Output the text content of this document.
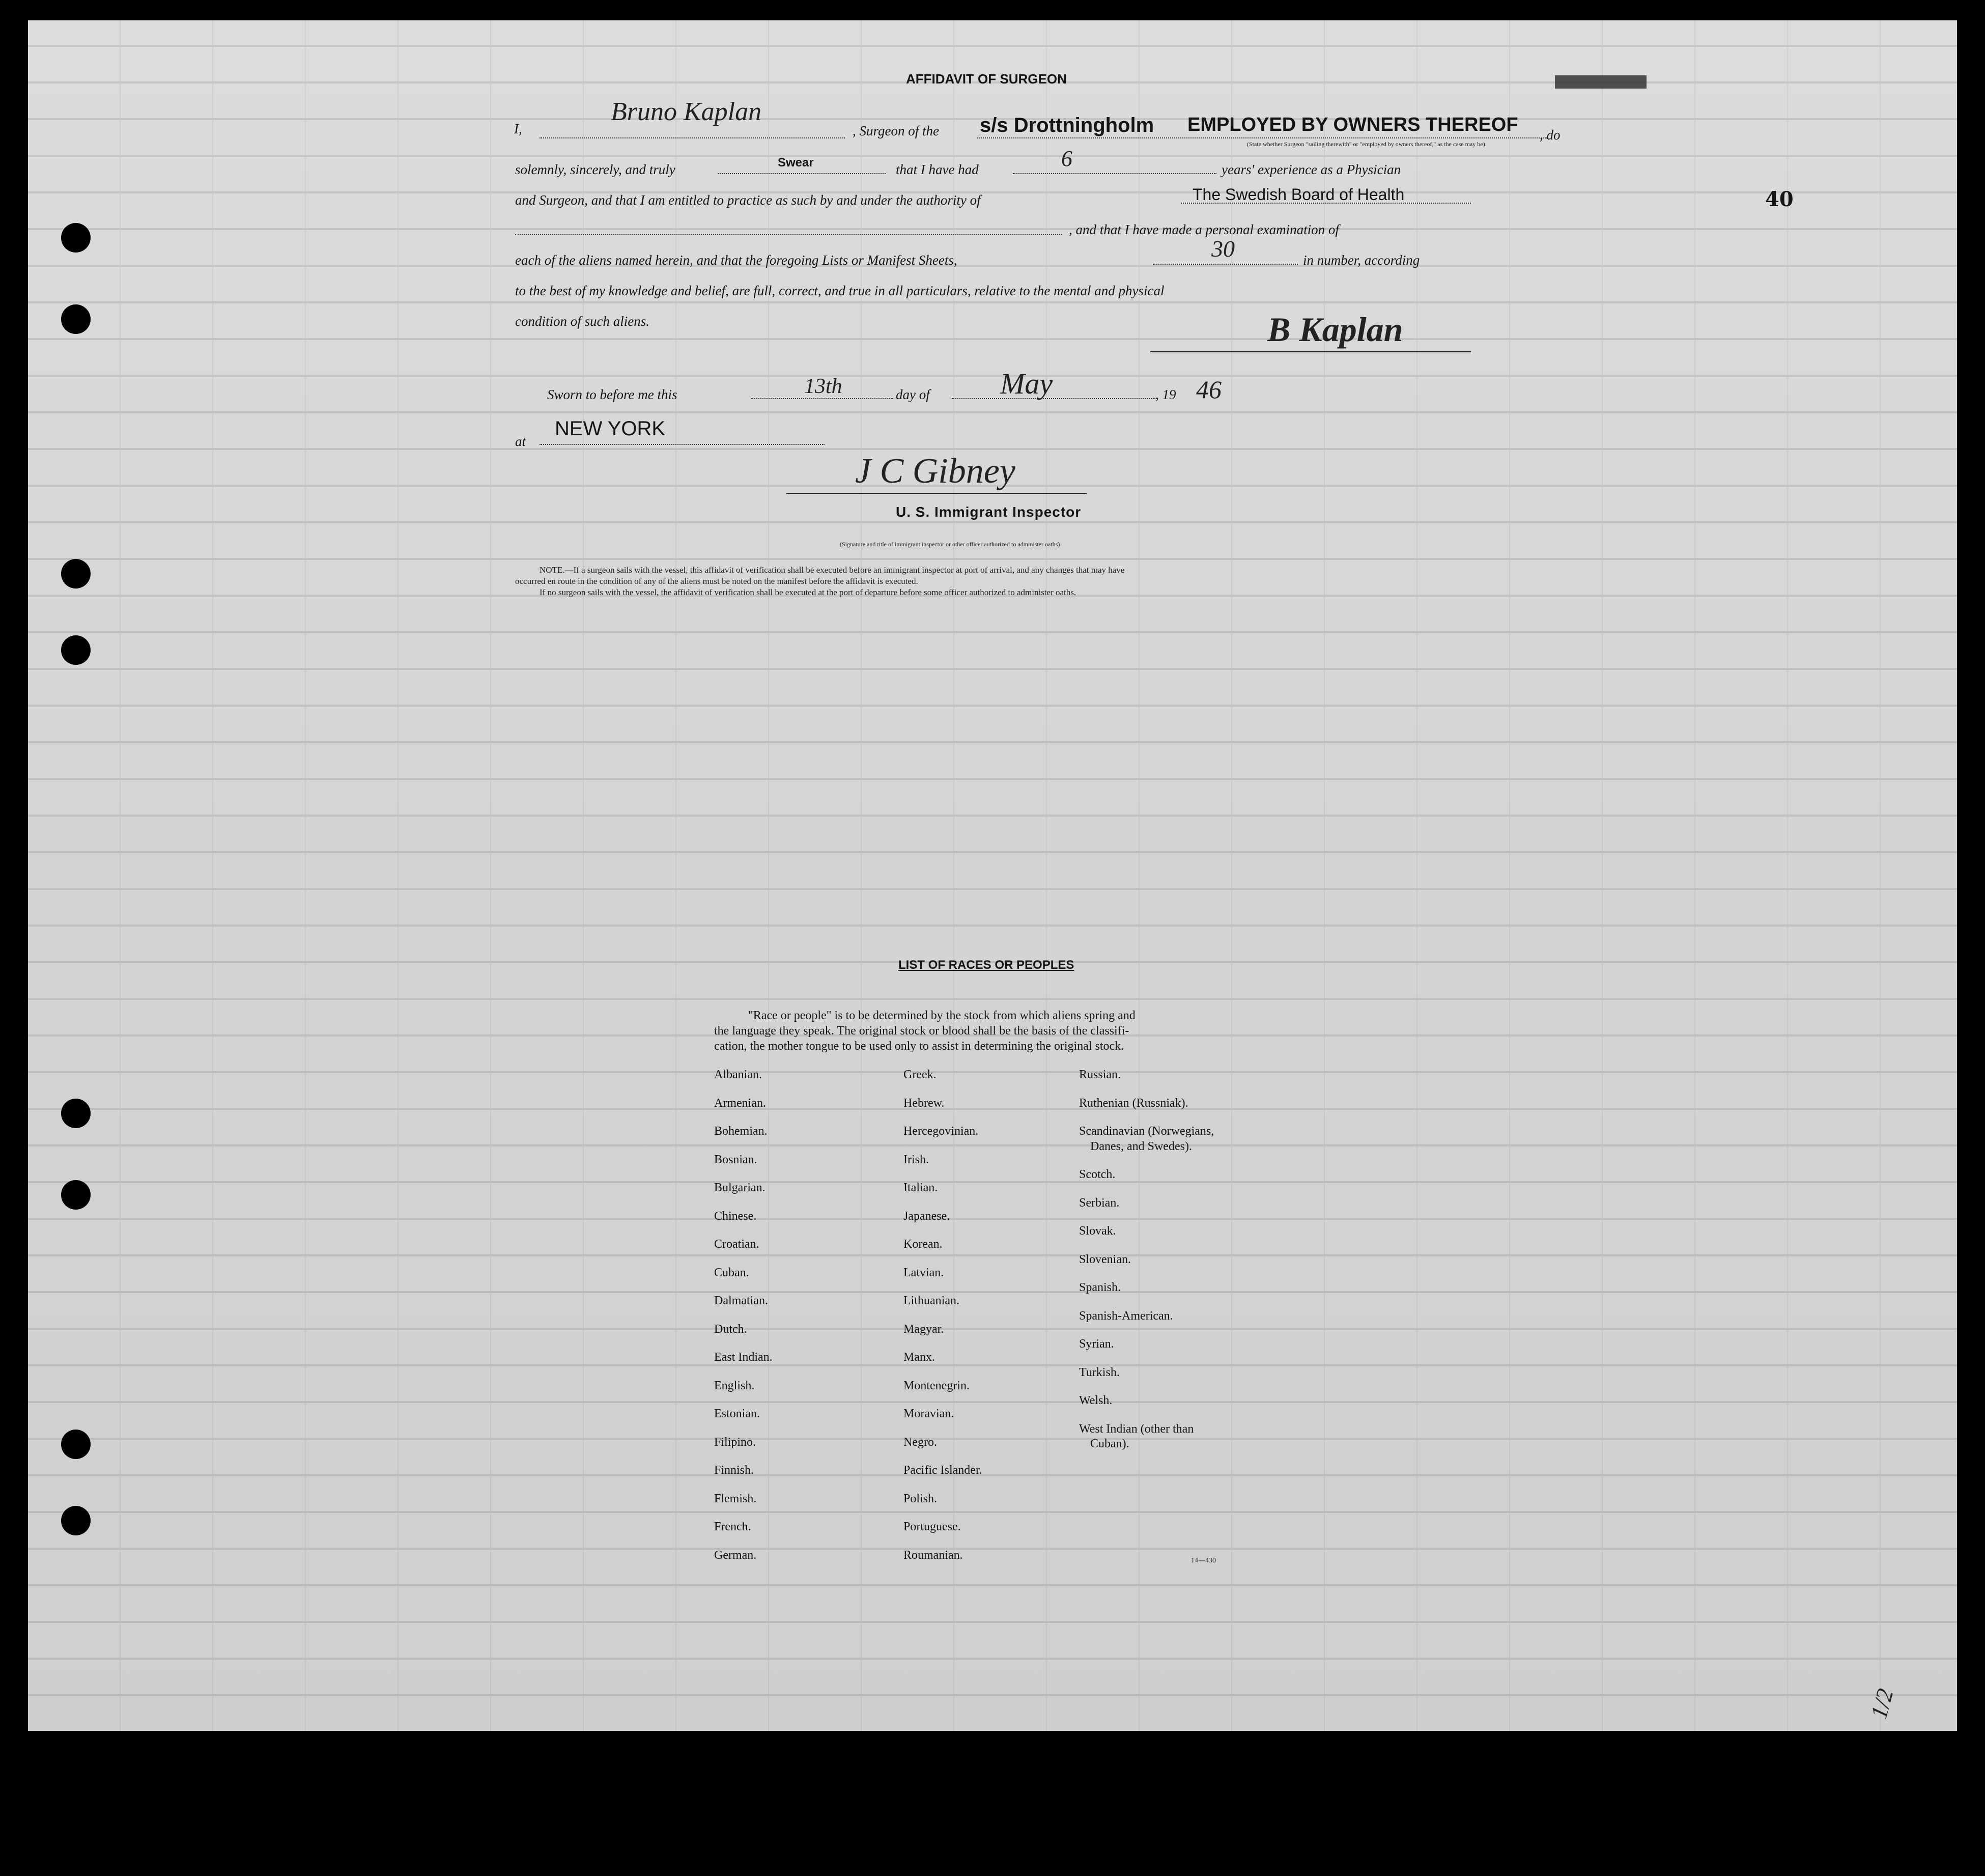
40
AFFIDAVIT OF SURGEON
I,
Bruno Kaplan
, Surgeon of the s/s Drottningholm EMPLOYED BY OWNERS THEREOF , do
(State whether Surgeon "sailing therewith" or "employed by owners thereof," as the case may be)
solemnly, sincerely, and truly	Swear	that I have had	6	years' experience as a Physician
and Surgeon, and that I am entitled to practice as such by and under the authority of	The Swedish Board of Health
, and that I have made a personal examination of
each of the aliens named herein, and that the foregoing Lists or Manifest Sheets,	30	in number, according
to the best of my knowledge and belief, are full, correct, and true in all particulars, relative to the mental and physical
condition of such aliens.	B Kaplan
Sworn to before me this	13th	day of May	, 19 46
at
NEW YORK
J C Gibney
U. S. Immigrant Inspector
(Signature and title of immigrant inspector or other officer authorized to administer oaths)
NOTE.—If a surgeon sails with the vessel, this affidavit of verification shall be executed before an immigrant inspector at port of arrival, and any changes that may have
occurred en route in the condition of any of the aliens must be noted on the manifest before the affidavit is executed.
If no surgeon sails with the vessel, the affidavit of verification shall be executed at the port of departure before some officer authorized to administer oaths.
LIST OF RACES OR PEOPLES
"Race or people" is to be determined by the stock from which aliens spring and
the language they speak. The original stock or blood shall be the basis of the classifi-
cation, the mother tongue to be used only to assist in determining the original stock.
Albanian.
Armenian.
Bohemian.
Bosnian.
Bulgarian.
Chinese.
Croatian.
Cuban.
Dalmatian.
Dutch.
East Indian.
English.
Estonian.
Filipino.
Finnish.
Flemish.
French.
German.
Greek.
Hebrew.
Hercegovinian.
Irish.
Italian.
Japanese.
Korean.
Latvian.
Lithuanian.
Magyar.
Manx.
Montenegrin.
Moravian.
Negro.
Pacific Islander.
Polish.
Portuguese.
Roumanian.
Russian.
Ruthenian (Russniak).
Scandinavian (Norwegians,
Danes, and Swedes).
Scotch.
Serbian.
Slovak.
Slovenian.
Spanish.
Spanish-American.
Syrian.
Turkish.
Welsh.
West Indian (other than
Cuban).
14—430
1/2
